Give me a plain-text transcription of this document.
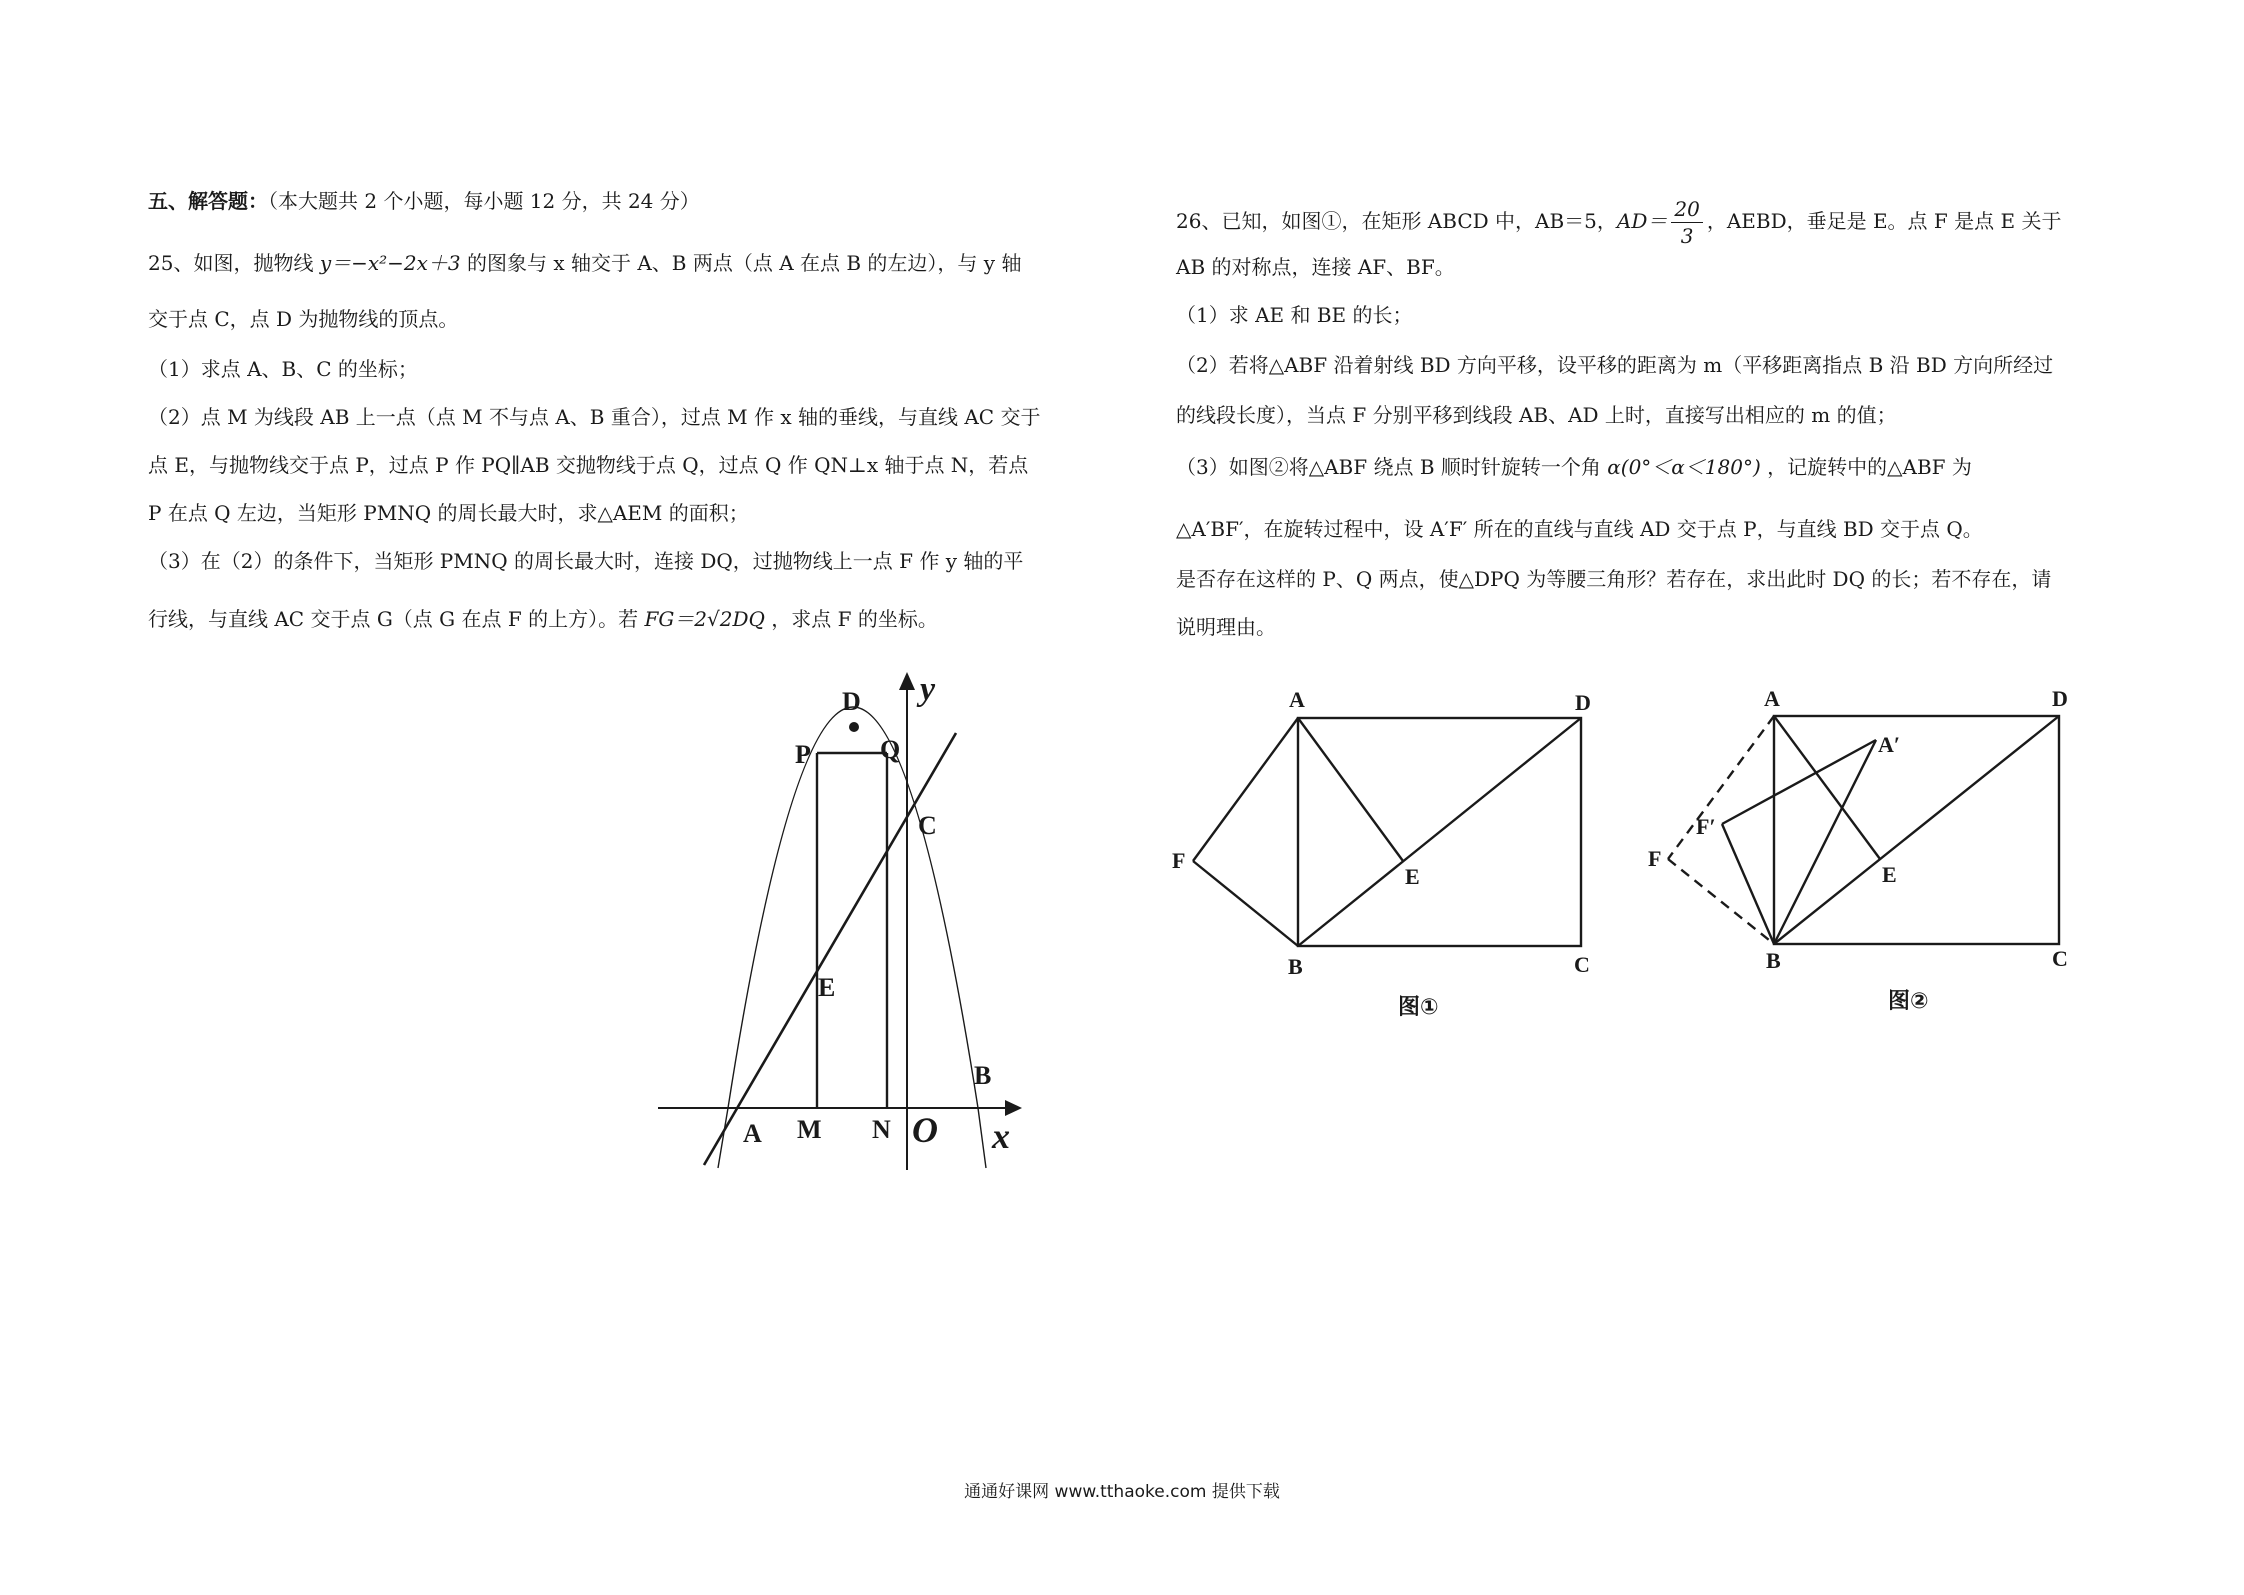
五、解答题：（本大题共 2 个小题，每小题 12 分，共 24 分）
25、如图，抛物线 y＝−x²−2x＋3 的图象与 x 轴交于 A、B 两点（点 A 在点 B 的左边），与 y 轴
交于点 C，点 D 为抛物线的顶点。
（1）求点 A、B、C 的坐标；
（2）点 M 为线段 AB 上一点（点 M 不与点 A、B 重合），过点 M 作 x 轴的垂线，与直线 AC 交于
点 E，与抛物线交于点 P，过点 P 作 PQ∥AB 交抛物线于点 Q，过点 Q 作 QN⊥x 轴于点 N，若点
P 在点 Q 左边，当矩形 PMNQ 的周长最大时，求△AEM 的面积；
（3）在（2）的条件下，当矩形 PMNQ 的周长最大时，连接 DQ，过抛物线上一点 F 作 y 轴的平
行线，与直线 AC 交于点 G（点 G 在点 F 的上方）。若 FG＝2√2DQ ，求点 F 的坐标。
D y
P	Q
C
E
B
A M N O x
26、已知，如图①，在矩形 ABCD 中，AB＝5，$AD= \frac{20}{3}$ ，AEBD，垂足是 E。点 F 是点 E 关于
AB 的对称点，连接 AF、BF。
（1）求 AE 和 BE 的长；
（2）若将△ABF 沿着射线 BD 方向平移，设平移的距离为 m（平移距离指点 B 沿 BD 方向所经过
的线段长度），当点 F 分别平移到线段 AB、AD 上时，直接写出相应的 m 的值；
（3）如图②将△ABF 绕点 B 顺时针旋转一个角 α(0°＜α＜180°) ，记旋转中的△ABF 为
△A′BF′，在旋转过程中，设 A′F′ 所在的直线与直线 AD 交于点 P，与直线 BD 交于点 Q。
是否存在这样的 P、Q 两点，使△DPQ 为等腰三角形？若存在，求出此时 DQ 的长；若不存在，请
说明理由。
A	D
F
E
B	C
图①
A	D
A′
F′
F
E
B	C
图②
通通好课网 www.tthaoke.com 提供下载
